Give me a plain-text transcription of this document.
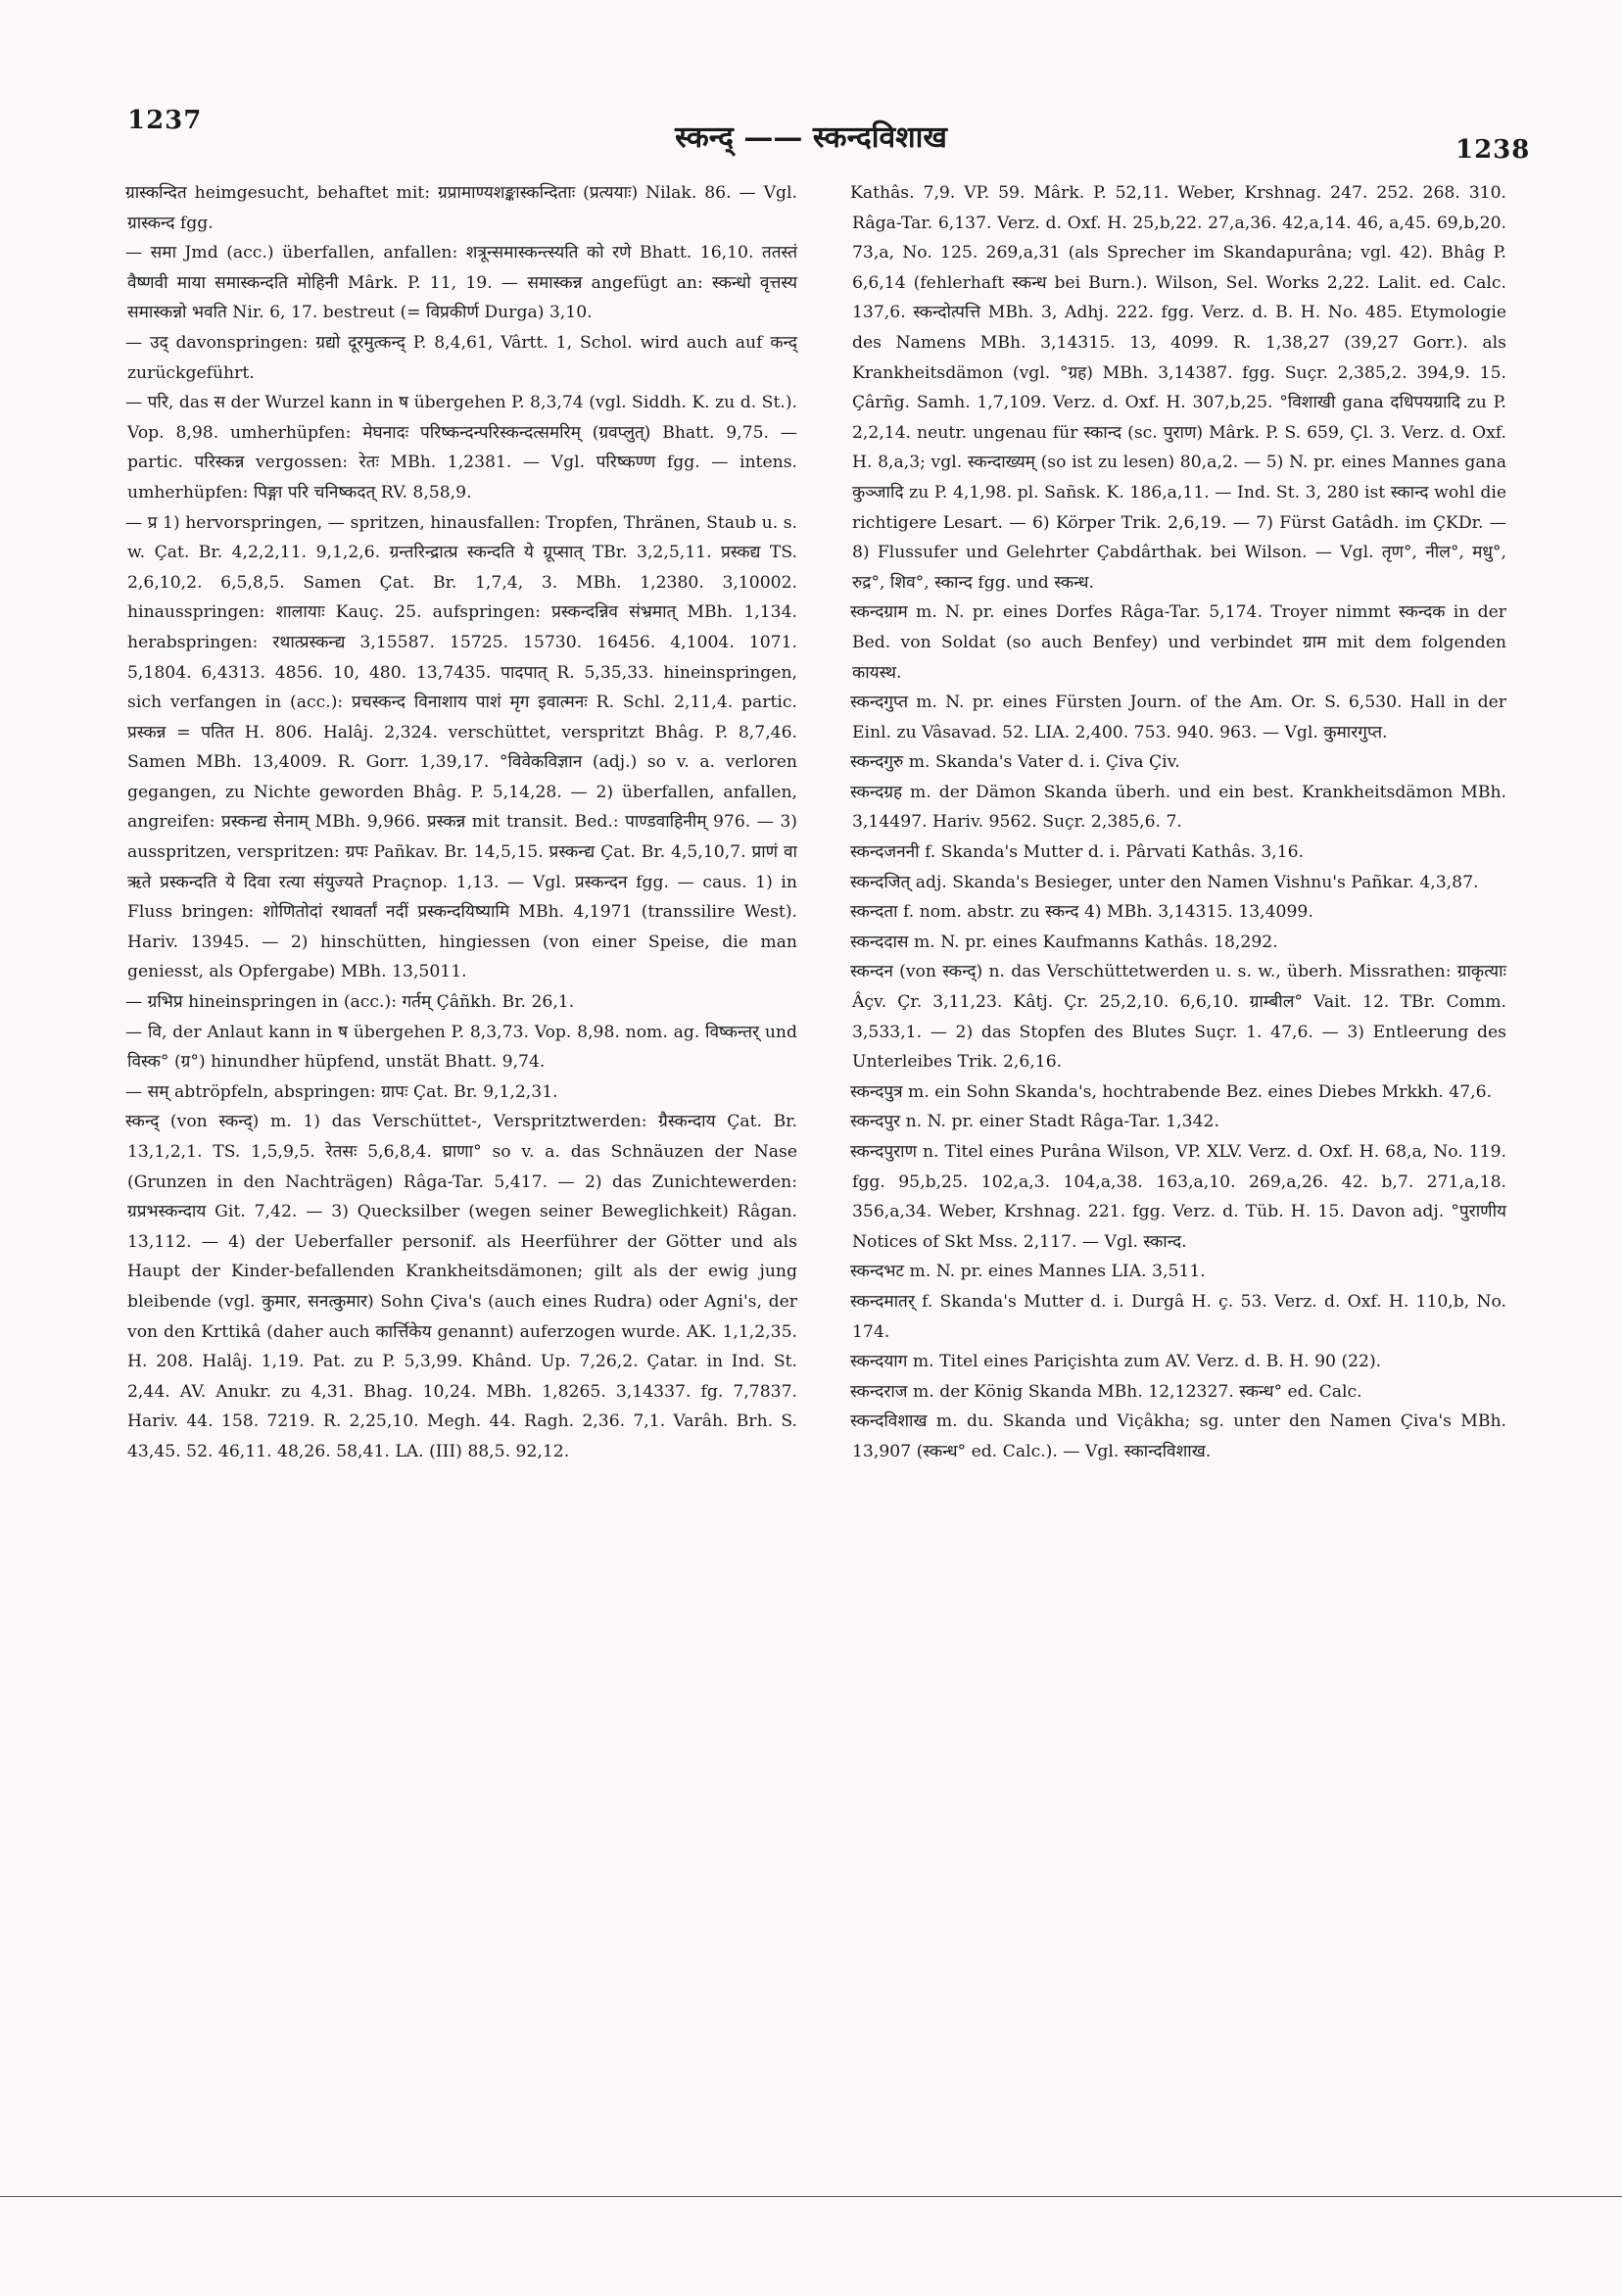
1237	स्कन्द् —— स्कन्दविशाख	1238

ग्रास्कन्दित heimgesucht, behaftet mit: ग्रप्रामाण्यशङ्कास्कन्दिताः (प्रत्ययाः) Nilak. 86. — Vgl. ग्रास्कन्द fgg.

— समा Jmd (acc.) überfallen, anfallen: शत्रून्समास्कन्त्स्यति को रणे Bhatt. 16,10. ततस्तं वैष्णवी माया समास्कन्दति मोहिनी Mârk. P. 11, 19. — समास्कन्न angefügt an: स्कन्धो वृत्तस्य समास्कन्नो भवति Nir. 6, 17. bestreut (= विप्रकीर्ण Durga) 3,10.

— उद् davonspringen: ग्रद्यो दूरमुत्कन्द् P. 8,4,61, Vârtt. 1, Schol. wird auch auf कन्द् zurückgeführt.

— परि, das स der Wurzel kann in ष übergehen P. 8,3,74 (vgl. Siddh. K. zu d. St.). Vop. 8,98. umherhüpfen: मेघनादः परिष्कन्दन्परिस्कन्दत्समरिम् (ग्रवप्लुत्) Bhatt. 9,75. — partic. परिस्कन्न vergossen: रेतः MBh. 1,2381. — Vgl. परिष्कण्ण fgg. — intens. umherhüpfen: पिङ्गा परि चनिष्कदत् RV. 8,58,9.

— प्र 1) hervorspringen, — spritzen, hinausfallen: Tropfen, Thränen, Staub u. s. w. Çat. Br. 4,2,2,11. 9,1,2,6. ग्रन्तरिन्द्रात्प्र स्कन्दति ये ग्रूप्सात् TBr. 3,2,5,11. प्रस्कद्य TS. 2,6,10,2. 6,5,8,5. Samen Çat. Br. 1,7,4, 3. MBh. 1,2380. 3,10002. hinausspringen: शालायाः Kauç. 25. aufspringen: प्रस्कन्दन्निव संभ्रमात् MBh. 1,134. herabspringen: रथात्प्रस्कन्द्य 3,15587. 15725. 15730. 16456. 4,1004. 1071. 5,1804. 6,4313. 4856. 10, 480. 13,7435. पादपात् R. 5,35,33. hineinspringen, sich verfangen in (acc.): प्रचस्कन्द विनाशाय पाशं मृग इवात्मनः R. Schl. 2,11,4. partic. प्रस्कन्न = पतित H. 806. Halâj. 2,324. verschüttet, verspritzt Bhâg. P. 8,7,46. Samen MBh. 13,4009. R. Gorr. 1,39,17. °विवेकविज्ञान (adj.) so v. a. verloren gegangen, zu Nichte geworden Bhâg. P. 5,14,28. — 2) überfallen, anfallen, angreifen: प्रस्कन्द्य सेनाम् MBh. 9,966. प्रस्कन्न mit transit. Bed.: पाण्डवाहिनीम् 976. — 3) ausspritzen, verspritzen: ग्रपः Pañkav. Br. 14,5,15. प्रस्कन्द्य Çat. Br. 4,5,10,7. प्राणं वा ऋते प्रस्कन्दति ये दिवा रत्या संयुज्यते Praçnop. 1,13. — Vgl. प्रस्कन्दन fgg. — caus. 1) in Fluss bringen: शोणितोदां रथावर्तां नदीं प्रस्कन्दयिष्यामि MBh. 4,1971 (transsilire West). Hariv. 13945. — 2) hinschütten, hingiessen (von einer Speise, die man geniesst, als Opfergabe) MBh. 13,5011.

— ग्रभिप्र hineinspringen in (acc.): गर्तम् Çâñkh. Br. 26,1.

— वि, der Anlaut kann in ष übergehen P. 8,3,73. Vop. 8,98. nom. ag. विष्कन्तर् und विस्क° (ग्र°) hinundher hüpfend, unstät Bhatt. 9,74.

— सम् abtröpfeln, abspringen: ग्रापः Çat. Br. 9,1,2,31.

स्कन्द् (von स्कन्द्) m. 1) das Verschüttet-, Verspritztwerden: ग्रैस्कन्दाय Çat. Br. 13,1,2,1. TS. 1,5,9,5. रेतसः 5,6,8,4. घ्राणा° so v. a. das Schnäuzen der Nase (Grunzen in den Nachträgen) Râga-Tar. 5,417. — 2) das Zunichtewerden: ग्रप्रभस्कन्दाय Git. 7,42. — 3) Quecksilber (wegen seiner Beweglichkeit) Râgan. 13,112. — 4) der Ueberfaller personif. als Heerführer der Götter und als Haupt der Kinder-befallenden Krankheitsdämonen; gilt als der ewig jung bleibende (vgl. कुमार, सनत्कुमार) Sohn Çiva's (auch eines Rudra) oder Agni's, der von den Krttikâ (daher auch कार्त्तिकेय genannt) auferzogen wurde. AK. 1,1,2,35. H. 208. Halâj. 1,19. Pat. zu P. 5,3,99. Khând. Up. 7,26,2. Çatar. in Ind. St. 2,44. AV. Anukr. zu 4,31. Bhag. 10,24. MBh. 1,8265. 3,14337. fg. 7,7837. Hariv. 44. 158. 7219. R. 2,25,10. Megh. 44. Ragh. 2,36. 7,1. Varâh. Brh. S. 43,45. 52. 46,11. 48,26. 58,41. LA. (III) 88,5. 92,12.

Kathâs. 7,9. VP. 59. Mârk. P. 52,11. Weber, Krshnag. 247. 252. 268. 310. Râga-Tar. 6,137. Verz. d. Oxf. H. 25,b,22. 27,a,36. 42,a,14. 46, a,45. 69,b,20. 73,a, No. 125. 269,a,31 (als Sprecher im Skandapurâna; vgl. 42). Bhâg P. 6,6,14 (fehlerhaft स्कन्ध bei Burn.). Wilson, Sel. Works 2,22. Lalit. ed. Calc. 137,6. स्कन्दोत्पत्ति MBh. 3, Adhj. 222. fgg. Verz. d. B. H. No. 485. Etymologie des Namens MBh. 3,14315. 13, 4099. R. 1,38,27 (39,27 Gorr.). als Krankheitsdämon (vgl. °ग्रह) MBh. 3,14387. fgg. Suçr. 2,385,2. 394,9. 15. Çârñg. Samh. 1,7,109. Verz. d. Oxf. H. 307,b,25. °विशाखी gana दधिपयग्रादि zu P. 2,2,14. neutr. ungenau für स्कान्द (sc. पुराण) Mârk. P. S. 659, Çl. 3. Verz. d. Oxf. H. 8,a,3; vgl. स्कन्दाख्यम् (so ist zu lesen) 80,a,2. — 5) N. pr. eines Mannes gana कुञ्जादि zu P. 4,1,98. pl. Sañsk. K. 186,a,11. — Ind. St. 3, 280 ist स्कान्द wohl die richtigere Lesart. — 6) Körper Trik. 2,6,19. — 7) Fürst Gatâdh. im ÇKDr. — 8) Flussufer und Gelehrter Çabdârthak. bei Wilson. — Vgl. तृण°, नील°, मधु°, रुद्र°, शिव°, स्कान्द fgg. und स्कन्ध.

स्कन्दग्राम m. N. pr. eines Dorfes Râga-Tar. 5,174. Troyer nimmt स्कन्दक in der Bed. von Soldat (so auch Benfey) und verbindet ग्राम mit dem folgenden कायस्थ.

स्कन्दगुप्त m. N. pr. eines Fürsten Journ. of the Am. Or. S. 6,530. Hall in der Einl. zu Vâsavad. 52. LIA. 2,400. 753. 940. 963. — Vgl. कुमारगुप्त.

स्कन्दगुरु m. Skanda's Vater d. i. Çiva Çiv.

स्कन्दग्रह m. der Dämon Skanda überh. und ein best. Krankheitsdämon MBh. 3,14497. Hariv. 9562. Suçr. 2,385,6. 7.

स्कन्दजननी f. Skanda's Mutter d. i. Pârvati Kathâs. 3,16.

स्कन्दजित् adj. Skanda's Besieger, unter den Namen Vishnu's Pañkar. 4,3,87.

स्कन्दता f. nom. abstr. zu स्कन्द 4) MBh. 3,14315. 13,4099.

स्कन्ददास m. N. pr. eines Kaufmanns Kathâs. 18,292.

स्कन्दन (von स्कन्द्) n. das Verschüttetwerden u. s. w., überh. Missrathen: ग्राकृत्याः Âçv. Çr. 3,11,23. Kâtj. Çr. 25,2,10. 6,6,10. ग्राम्बील° Vait. 12. TBr. Comm. 3,533,1. — 2) das Stopfen des Blutes Suçr. 1. 47,6. — 3) Entleerung des Unterleibes Trik. 2,6,16.

स्कन्दपुत्र m. ein Sohn Skanda's, hochtrabende Bez. eines Diebes Mrkkh. 47,6.

स्कन्दपुर n. N. pr. einer Stadt Râga-Tar. 1,342.

स्कन्दपुराण n. Titel eines Purâna Wilson, VP. XLV. Verz. d. Oxf. H. 68,a, No. 119. fgg. 95,b,25. 102,a,3. 104,a,38. 163,a,10. 269,a,26. 42. b,7. 271,a,18. 356,a,34. Weber, Krshnag. 221. fgg. Verz. d. Tüb. H. 15. Davon adj. °पुराणीय Notices of Skt Mss. 2,117. — Vgl. स्कान्द.

स्कन्दभट m. N. pr. eines Mannes LIA. 3,511.

स्कन्दमातर् f. Skanda's Mutter d. i. Durgâ H. ç. 53. Verz. d. Oxf. H. 110,b, No. 174.

स्कन्दयाग m. Titel eines Pariçishta zum AV. Verz. d. B. H. 90 (22).

स्कन्दराज m. der König Skanda MBh. 12,12327. स्कन्ध° ed. Calc.

स्कन्दविशाख m. du. Skanda und Viçâkha; sg. unter den Namen Çiva's MBh. 13,907 (स्कन्ध° ed. Calc.). — Vgl. स्कान्दविशाख.
